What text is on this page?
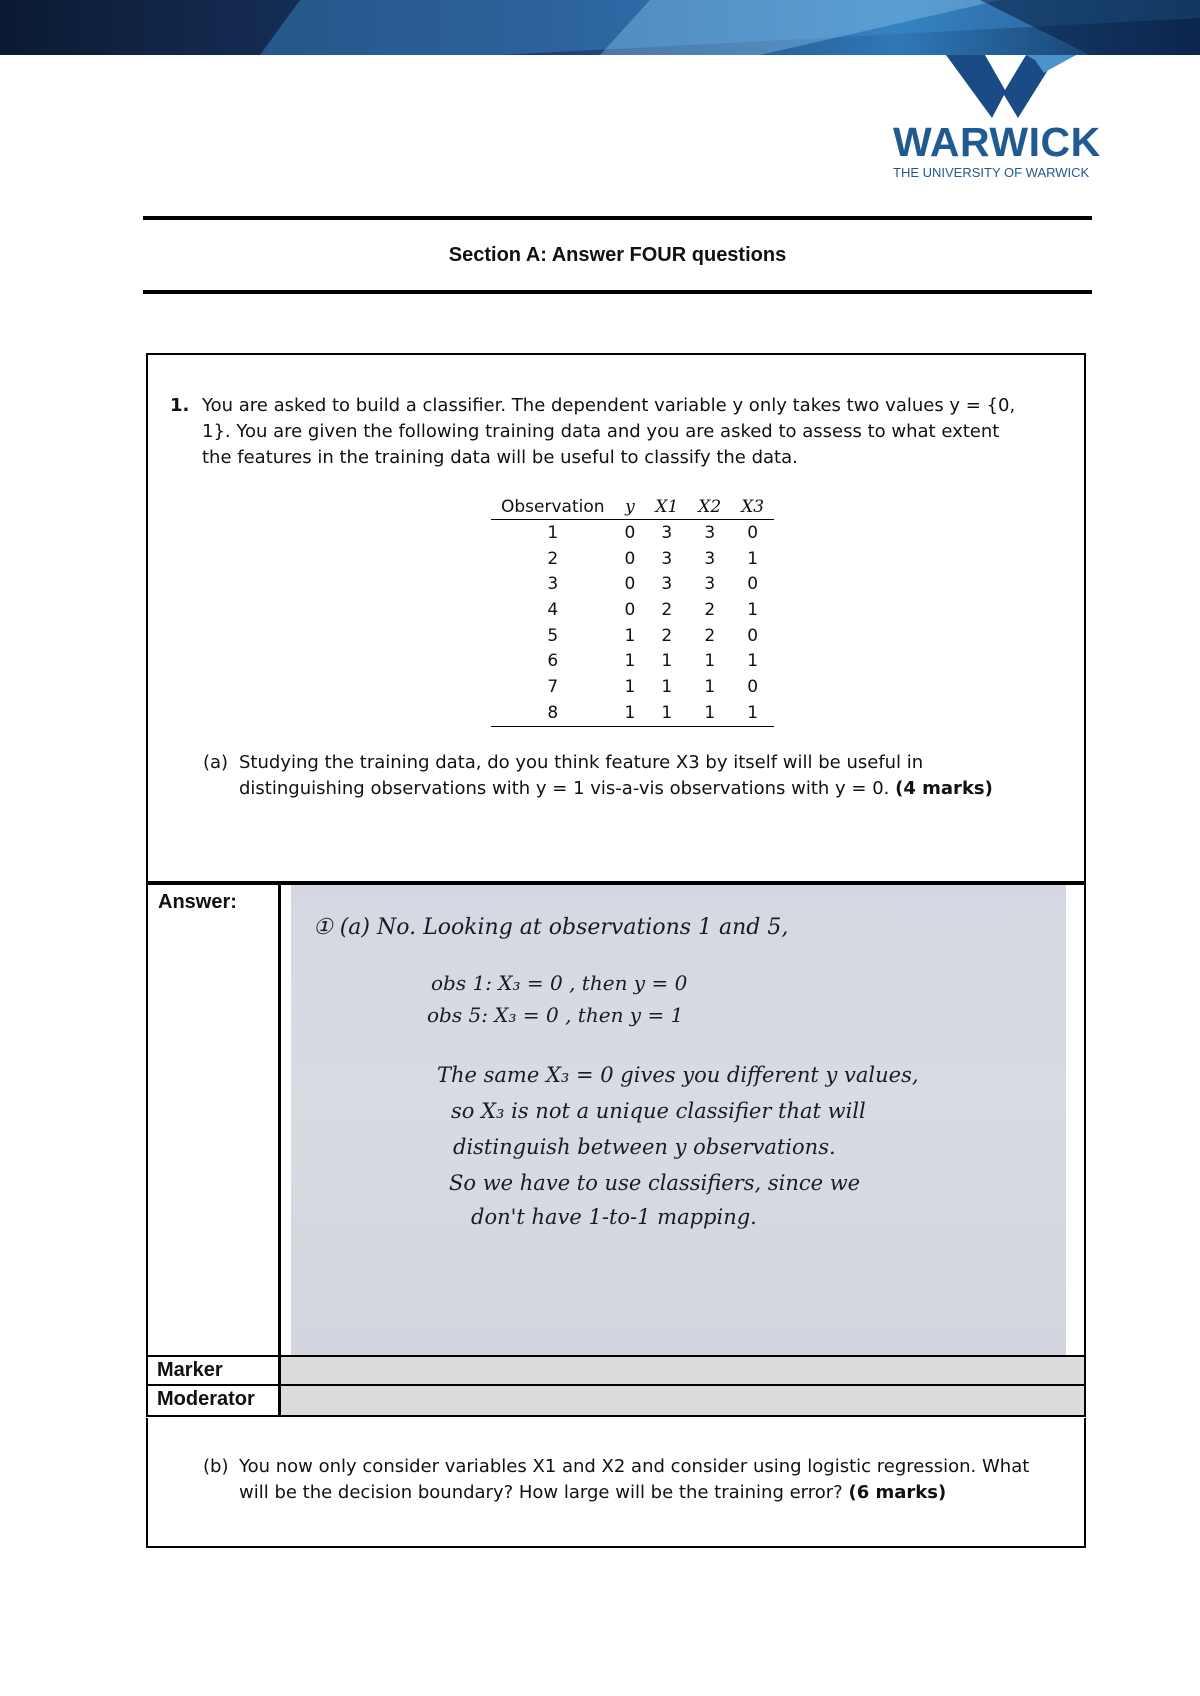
WARWICK
THE UNIVERSITY OF WARWICK
Section A: Answer FOUR questions
1. You are asked to build a classifier. The dependent variable y only takes two values y = {0, 1}. You are given the following training data and you are asked to assess to what extent the features in the training data will be useful to classify the data.
Observation	y	X1	X2	X3
1	0	3	3	0
2	0	3	3	1
3	0	3	3	0
4	0	2	2	1
5	1	2	2	0
6	1	1	1	1
7	1	1	1	0
8	1	1	1	1
(a) Studying the training data, do you think feature X3 by itself will be useful in distinguishing observations with y = 1 vis-a-vis observations with y = 0. (4 marks)
Answer:
① (a) No. Looking at observations 1 and 5,
obs 1: X₃ = 0 , then y = 0
obs 5: X₃ = 0 , then y = 1
The same X₃ = 0 gives you different y values,
so X₃ is not a unique classifier that will
distinguish between y observations.
So we have to use classifiers, since we
don't have 1-to-1 mapping.
Marker
Moderator
(b) You now only consider variables X1 and X2 and consider using logistic regression. What will be the decision boundary? How large will be the training error? (6 marks)
